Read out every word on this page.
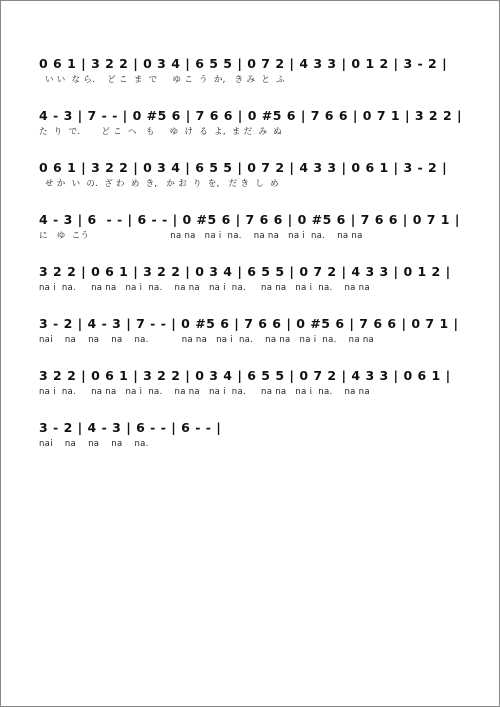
0 6 1 | 3 2 2 | 0 3 4 | 6 5 5 | 0 7 2 | 4 3 3 | 0 1 2 | 3 - 2 |
い い  な ら.    ど こ  ま  で     ゆ こ  う  か,   き み  と  ふ
4 - 3 | 7 - - | 0 #5 6 | 7 6 6 | 0 #5 6 | 7 6 6 | 0 7 1 | 3 2 2 |
た  り  で.       ど こ  へ   も     ゆ  け  る  よ,  ま だ  み  ぬ
0 6 1 | 3 2 2 | 0 3 4 | 6 5 5 | 0 7 2 | 4 3 3 | 0 6 1 | 3 - 2 |
せ か  い  の.  ざ わ  め  き,   か お  り  を,   だ き  し  め
4 - 3 | 6  - - | 6 - - | 0 #5 6 | 7 6 6 | 0 #5 6 | 7 6 6 | 0 7 1 |
に   ゆ  こう                           na na   na i  na.    na na   na i  na.    na na
3 2 2 | 0 6 1 | 3 2 2 | 0 3 4 | 6 5 5 | 0 7 2 | 4 3 3 | 0 1 2 |
na i  na.     na na   na i  na.    na na   na i  na.     na na   na i  na.    na na
3 - 2 | 4 - 3 | 7 - - | 0 #5 6 | 7 6 6 | 0 #5 6 | 7 6 6 | 0 7 1 |
nai    na    na    na    na.           na na   na i  na.    na na   na i  na.    na na
3 2 2 | 0 6 1 | 3 2 2 | 0 3 4 | 6 5 5 | 0 7 2 | 4 3 3 | 0 6 1 |
na i  na.     na na   na i  na.    na na   na i  na.     na na   na i  na.    na na
3 - 2 | 4 - 3 | 6 - - | 6 - - |
nai    na    na    na    na.
